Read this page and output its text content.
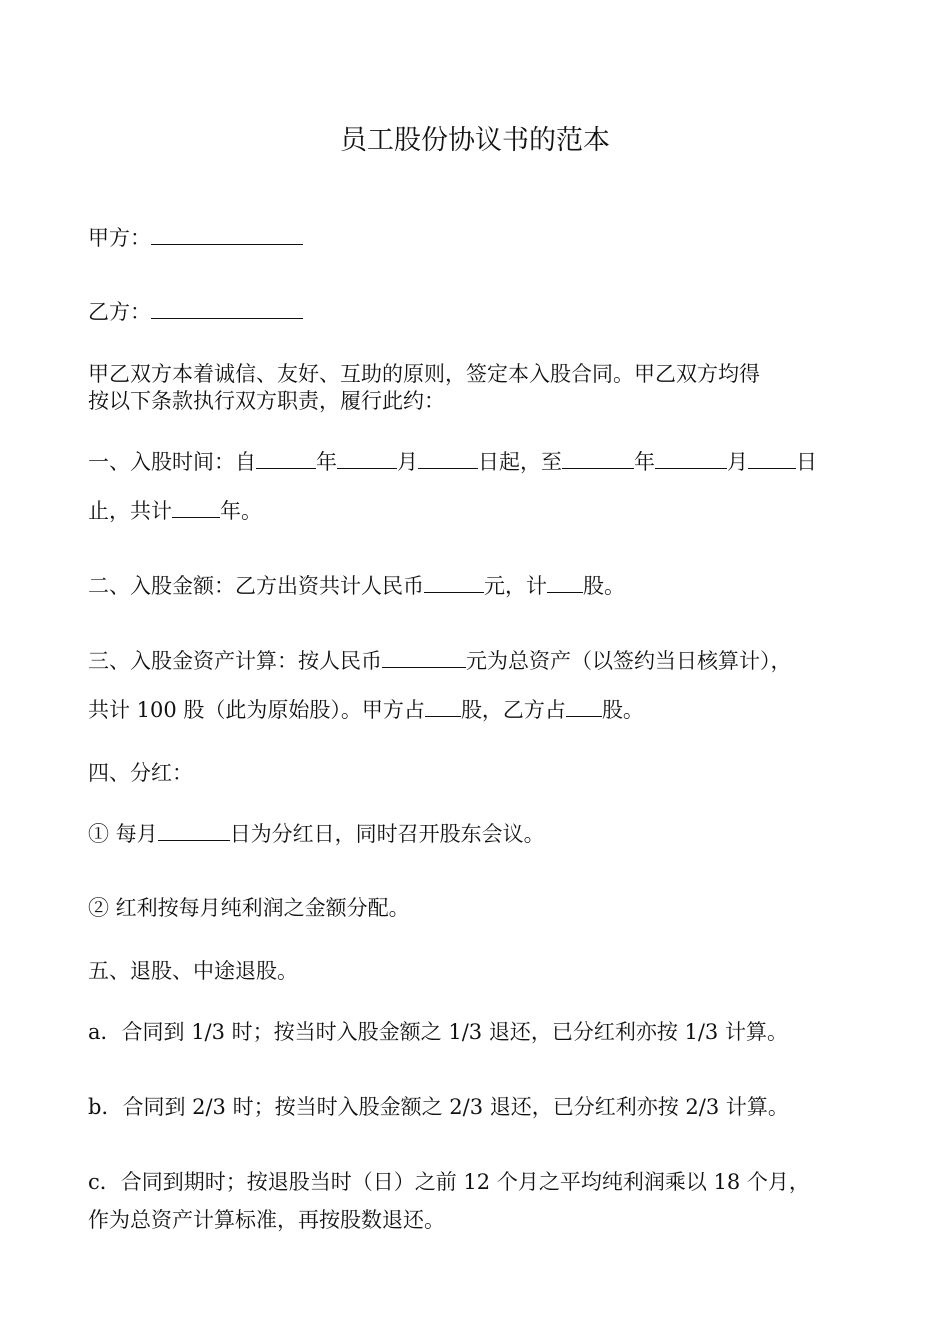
员工股份协议书的范本

甲方：

乙方：

甲乙双方本着诚信、友好、互助的原则，签定本入股合同。甲乙双方均得

按以下条款执行双方职责，履行此约：

一、入股时间：自	年	月	日起，至	年	月 日

止，共计 年。

二、入股金额：乙方出资共计人民币	元，计 股。

三、入股金资产计算：按人民币	元为总资产（以签约当日核算计），

共计 100 股（此为原始股）。甲方占 股，乙方占 股。

四、分红：

① 每月	日为分红日，同时召开股东会议。

② 红利按每月纯利润之金额分配。

五、退股、中途退股。

a．合同到 1/3 时；按当时入股金额之 1/3 退还，已分红利亦按 1/3 计算。

b．合同到 2/3 时；按当时入股金额之 2/3 退还，已分红利亦按 2/3 计算。

c．合同到期时；按退股当时（日）之前 12 个月之平均纯利润乘以 18 个月，

作为总资产计算标准，再按股数退还。
